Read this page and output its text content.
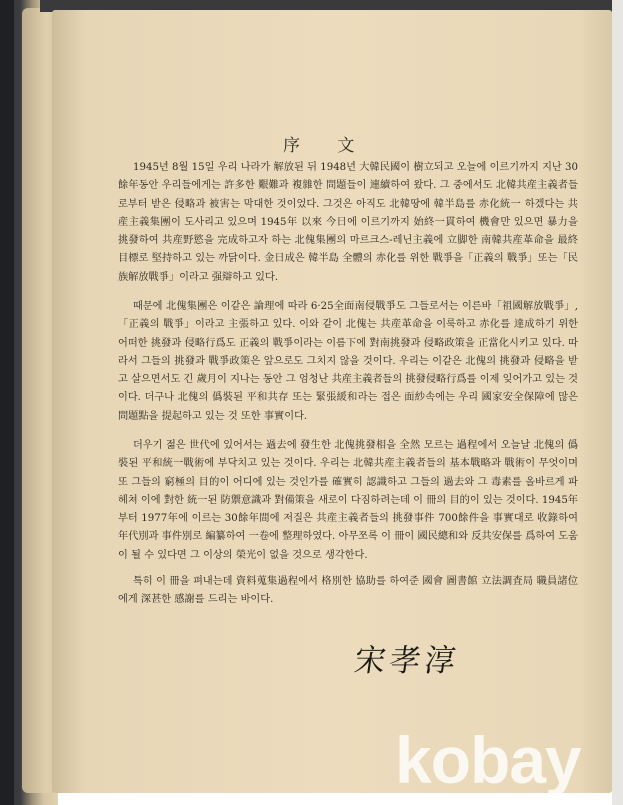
序 文

1945년 8월 15일 우리 나라가 解放된 뒤 1948년 大韓民國이 樹立되고 오늘에 이르기까지 지난 30餘年동안 우리들에게는 許多한 艱難과 複雜한 問題들이 連續하여 왔다. 그 중에서도 北韓共産主義者들로부터 받은 侵略과 被害는 막대한 것이었다. 그것은 아직도 北韓땅에 韓半島를 赤化統一 하겠다는 共産主義集團이 도사리고 있으며 1945年 以來 今日에 이르기까지 始終一貫하여 機會만 있으면 暴力을 挑發하여 共産野慾을 完成하고자 하는 北傀集團의 마르크스-레닌主義에 立脚한 南韓共産革命을 最終目標로 堅持하고 있는 까닭이다. 金日成은 韓半島 全體의 赤化를 위한 戰爭을「正義의 戰爭」또는「民族解放戰爭」이라고 强辯하고 있다.

때문에 北傀集團은 이같은 論理에 따라 6·25全面南侵戰爭도 그들로서는 이른바「祖國解放戰爭」,「正義의 戰爭」이라고 主張하고 있다. 이와 같이 北傀는 共産革命을 이룩하고 赤化를 達成하기 위한 어떠한 挑發과 侵略行爲도 正義의 戰爭이라는 이름下에 對南挑發과 侵略政策을 正當化시키고 있다. 따라서 그들의 挑發과 戰爭政策은 앞으로도 그치지 않을 것이다. 우리는 이같은 北傀의 挑發과 侵略을 받고 살으면서도 긴 歲月이 지나는 동안 그 엄청난 共産主義者들의 挑發侵略行爲를 이제 잊어가고 있는 것이다. 더구나 北傀의 僞裝된 平和共存 또는 緊張緩和라는 접은 面紗속에는 우리 國家安全保障에 많은 問題點을 提起하고 있는 것 또한 事實이다.

더우기 젊은 世代에 있어서는 過去에 發生한 北傀挑發相을 全然 모르는 過程에서 오늘날 北傀의 僞裝된 平和統一戰術에 부닥치고 있는 것이다. 우리는 北韓共産主義者들의 基本戰略과 戰術이 무엇이며 또 그들의 窮極의 目的이 어디에 있는 것인가를 確實히 認識하고 그들의 過去와 그 毒素를 올바르게 파헤쳐 이에 對한 統一된 防禦意識과 對備策을 새로이 다짐하려는데 이 冊의 目的이 있는 것이다. 1945年부터 1977年에 이르는 30餘年間에 저질은 共産主義者들의 挑發事件 700餘件을 事實대로 收錄하여 年代別과 事件別로 編纂하여 一卷에 整理하였다. 아무쪼록 이 冊이 國民總和와 反共安保를 爲하여 도움이 될 수 있다면 그 이상의 榮光이 없을 것으로 생각한다.

특히 이 冊을 펴내는데 資料蒐集過程에서 格別한 協助를 하여준 國會 圖書館 立法調査局 職員諸位에게 深甚한 感謝를 드리는 바이다.

宋孝淳
kobay
